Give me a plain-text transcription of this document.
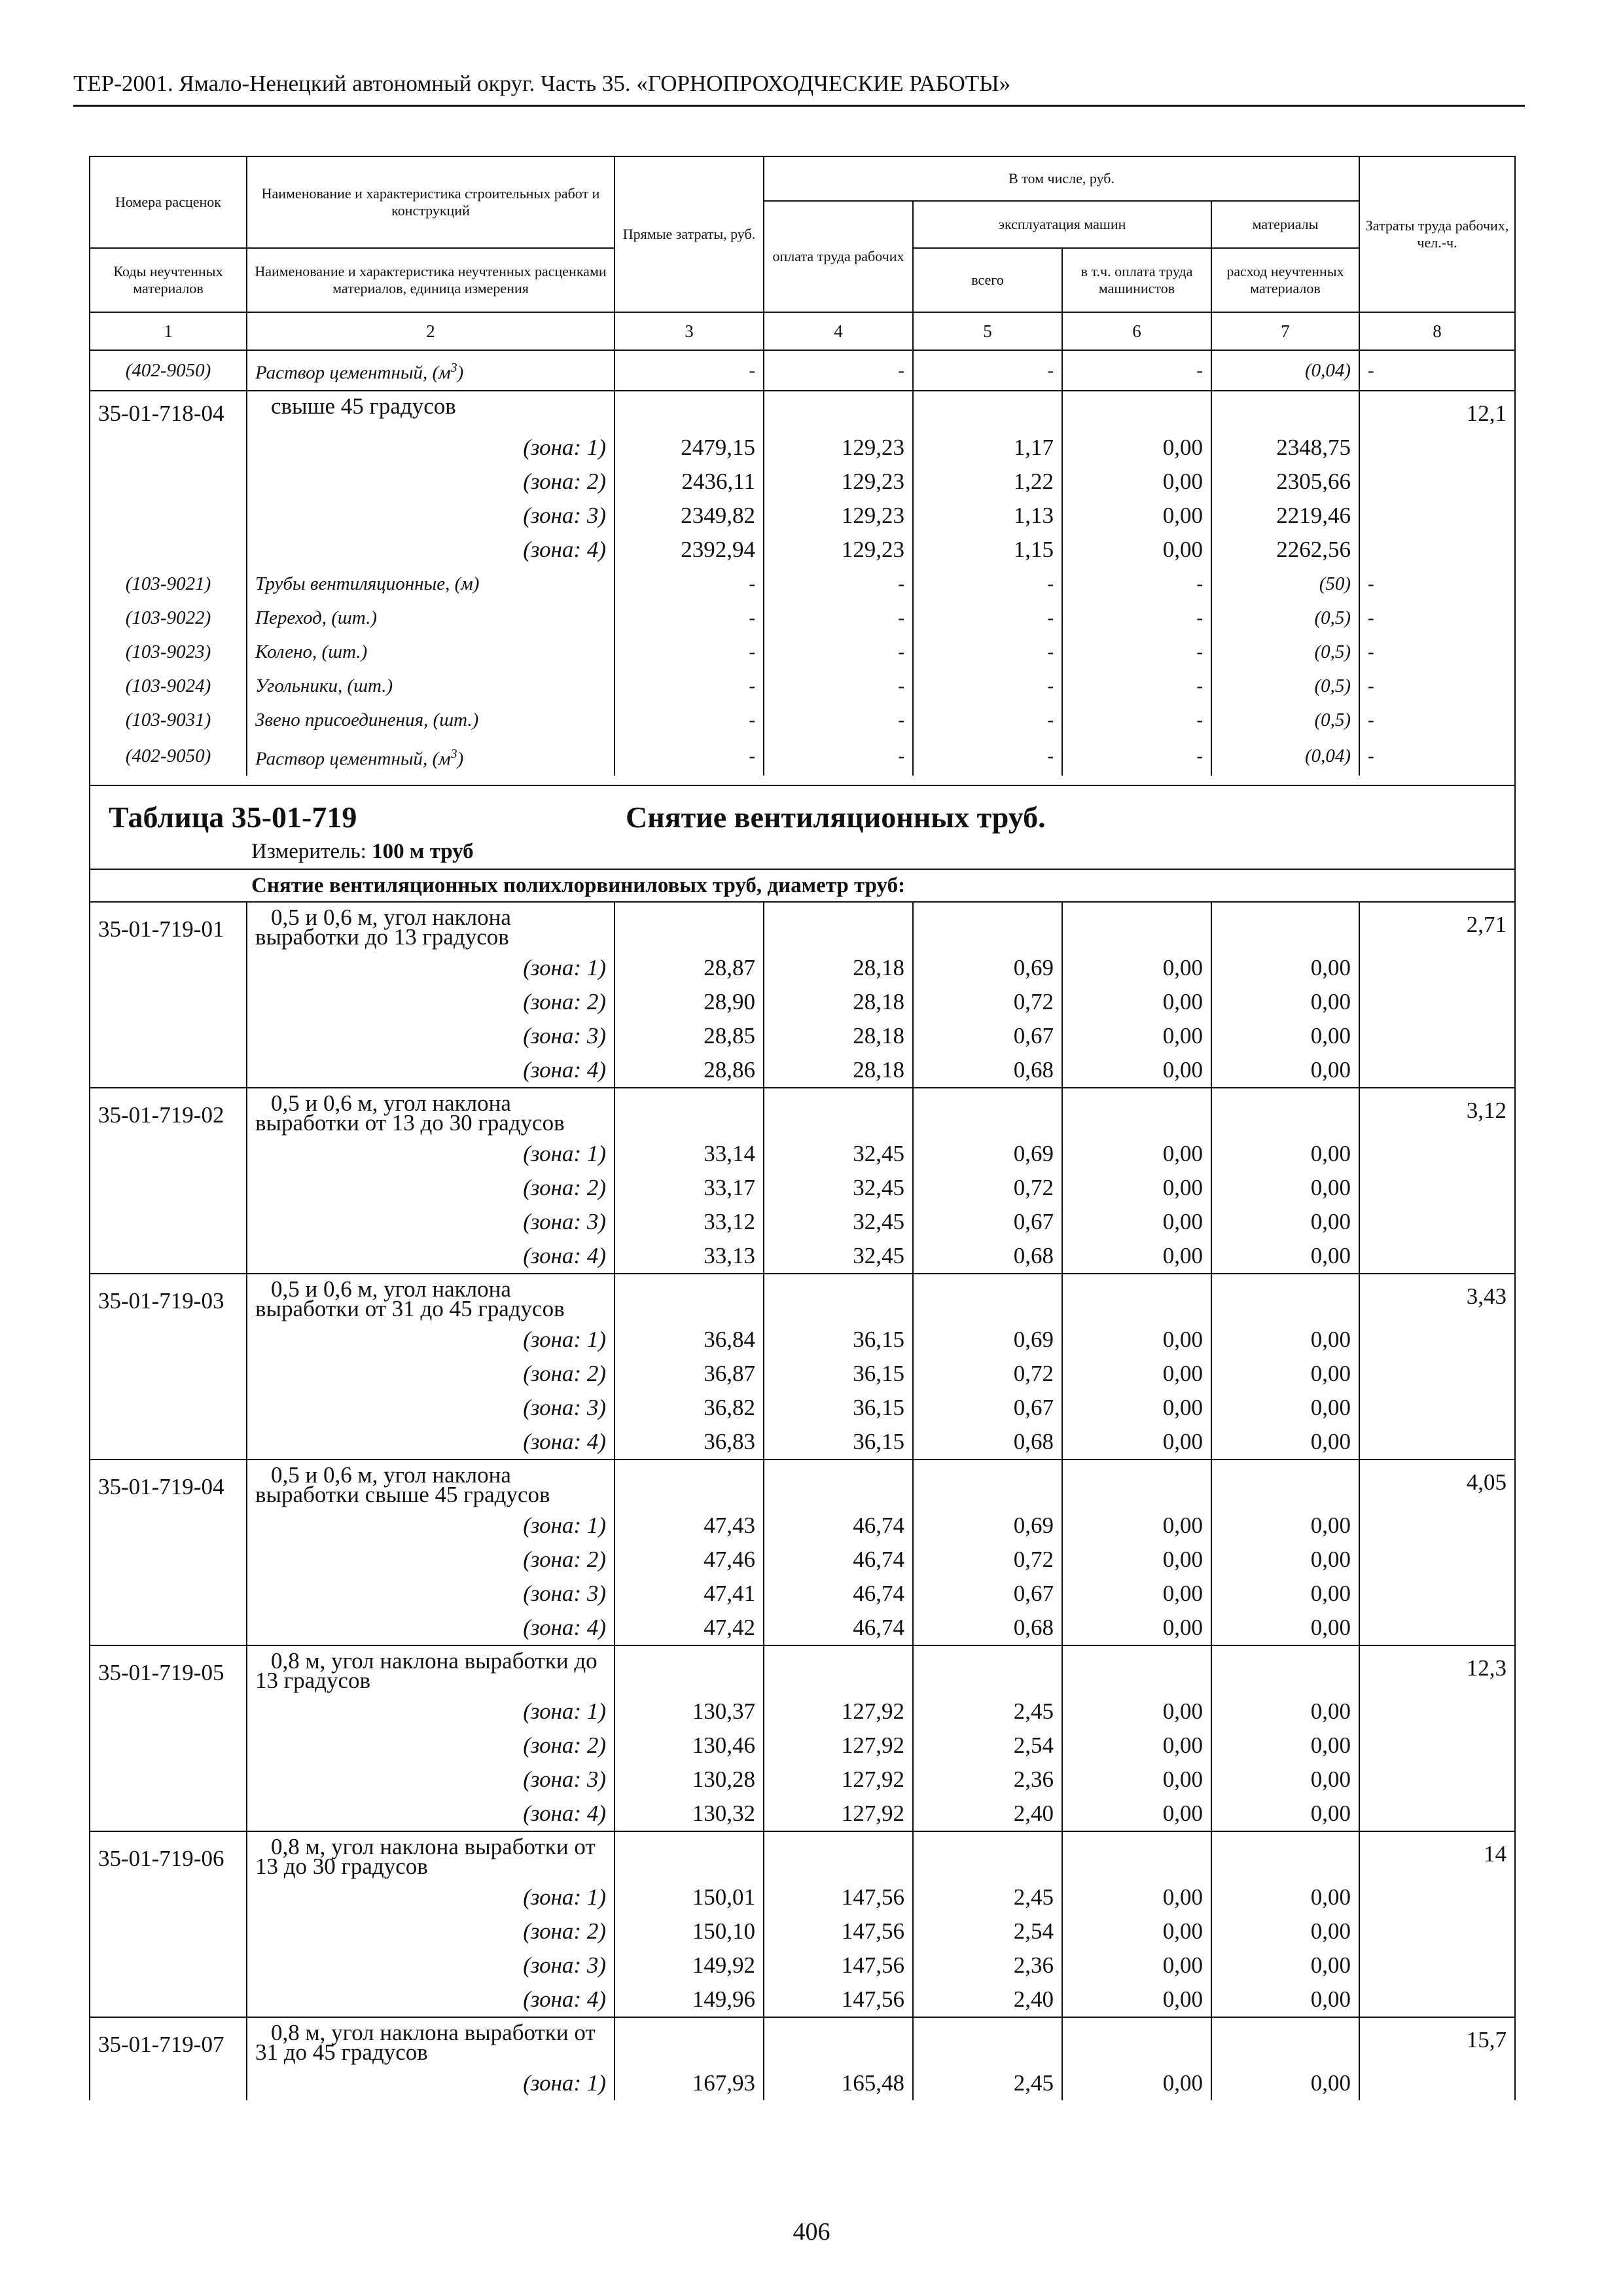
ТЕР-2001. Ямало-Ненецкий автономный округ. Часть 35. «ГОРНОПРОХОДЧЕСКИЕ РАБОТЫ»
Номера расценок	Наименование и характеристика строительных работ и конструкций	Прямые затраты, руб.	В том числе, руб.				Затраты труда рабочих, чел.-ч.
			оплата труда рабочих	эксплуатация машин		материалы	
Коды неучтенных материалов	Наименование и характеристика неучтенных расценками материалов, единица измерения			всего	в т.ч. оплата труда машинистов	расход неучтенных материалов	
1	2	3	4	5	6	7	8
(402-9050)	Раствор цементный, $(м^3)$	-	-	-	-	(0,04)	-
35-01-718-04	свыше 45 градусов						12,1
	(зона: 1)	2479,15	129,23	1,17	0,00	2348,75	
	(зона: 2)	2436,11	129,23	1,22	0,00	2305,66	
	(зона: 3)	2349,82	129,23	1,13	0,00	2219,46	
	(зона: 4)	2392,94	129,23	1,15	0,00	2262,56	
(103-9021)	Трубы вентиляционные, (м)	-	-	-	-	(50)	-
(103-9022)	Переход, (шт.)	-	-	-	-	(0,5)	-
(103-9023)	Колено, (шт.)	-	-	-	-	(0,5)	-
(103-9024)	Угольники, (шт.)	-	-	-	-	(0,5)	-
(103-9031)	Звено присоединения, (шт.)	-	-	-	-	(0,5)	-
(402-9050)	Раствор цементный, $(м^3)$	-	-	-	-	(0,04)	-

Таблица 35-01-719 Снятие вентиляционных труб.							
Измеритель: 100 м труб							
Снятие вентиляционных полихлорвиниловых труб, диаметр труб:							
35-01-719-01	0,5 и 0,6 м, угол наклона выработки до 13 градусов						2,71
	(зона: 1)	28,87	28,18	0,69	0,00	0,00	
	(зона: 2)	28,90	28,18	0,72	0,00	0,00	
	(зона: 3)	28,85	28,18	0,67	0,00	0,00	
	(зона: 4)	28,86	28,18	0,68	0,00	0,00	
35-01-719-02	0,5 и 0,6 м, угол наклона выработки от 13 до 30 градусов						3,12
	(зона: 1)	33,14	32,45	0,69	0,00	0,00	
	(зона: 2)	33,17	32,45	0,72	0,00	0,00	
	(зона: 3)	33,12	32,45	0,67	0,00	0,00	
	(зона: 4)	33,13	32,45	0,68	0,00	0,00	
35-01-719-03	0,5 и 0,6 м, угол наклона выработки от 31 до 45 градусов						3,43
	(зона: 1)	36,84	36,15	0,69	0,00	0,00	
	(зона: 2)	36,87	36,15	0,72	0,00	0,00	
	(зона: 3)	36,82	36,15	0,67	0,00	0,00	
	(зона: 4)	36,83	36,15	0,68	0,00	0,00	
35-01-719-04	0,5 и 0,6 м, угол наклона выработки свыше 45 градусов						4,05
	(зона: 1)	47,43	46,74	0,69	0,00	0,00	
	(зона: 2)	47,46	46,74	0,72	0,00	0,00	
	(зона: 3)	47,41	46,74	0,67	0,00	0,00	
	(зона: 4)	47,42	46,74	0,68	0,00	0,00	
35-01-719-05	0,8 м, угол наклона выработки до 13 градусов						12,3
	(зона: 1)	130,37	127,92	2,45	0,00	0,00	
	(зона: 2)	130,46	127,92	2,54	0,00	0,00	
	(зона: 3)	130,28	127,92	2,36	0,00	0,00	
	(зона: 4)	130,32	127,92	2,40	0,00	0,00	
35-01-719-06	0,8 м, угол наклона выработки от 13 до 30 градусов						14
	(зона: 1)	150,01	147,56	2,45	0,00	0,00	
	(зона: 2)	150,10	147,56	2,54	0,00	0,00	
	(зона: 3)	149,92	147,56	2,36	0,00	0,00	
	(зона: 4)	149,96	147,56	2,40	0,00	0,00	
35-01-719-07	0,8 м, угол наклона выработки от 31 до 45 градусов						15,7
	(зона: 1)	167,93	165,48	2,45	0,00	0,00	
406
